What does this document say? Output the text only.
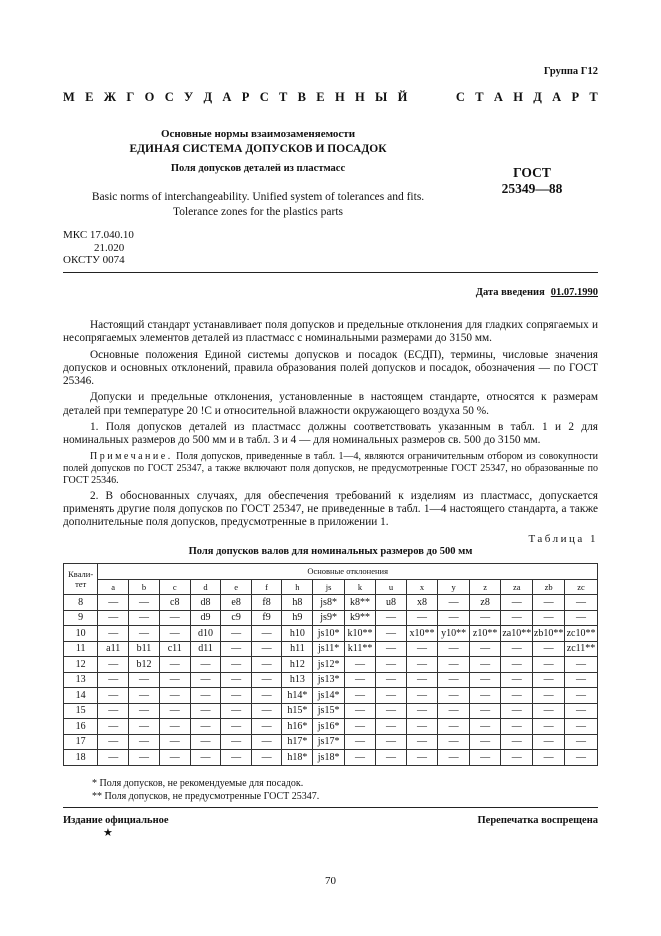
Группа Г12
М Е Ж Г О С У Д А Р С Т В Е Н Н Ы Й	С Т А Н Д А Р Т
Основные нормы взаимозаменяемости
ЕДИНАЯ СИСТЕМА ДОПУСКОВ И ПОСАДОК
Поля допусков деталей из пластмасс
Basic norms of interchangeability. Unified system of tolerances and fits.
Tolerance zones for the plastics parts
ГОСТ
25349—88
МКС 17.040.10
21.020
ОКСТУ 0074
Дата введения 01.07.1990

Настоящий стандарт устанавливает поля допусков и предельные отклонения для гладких сопрягаемых и несопрягаемых элементов деталей из пластмасс с номинальными размерами до 3150 мм.

Основные положения Единой системы допусков и посадок (ЕСДП), термины, числовые значения допусков и основных отклонений, правила образования полей допусков и посадок, обозначения — по ГОСТ 25346.

Допуски и предельные отклонения, установленные в настоящем стандарте, относятся к размерам деталей при температуре 20 !С и относительной влажности окружающего воздуха 50 %.

1. Поля допусков деталей из пластмасс должны соответствовать указанным в табл. 1 и 2 для номинальных размеров до 500 мм и в табл. 3 и 4 — для номинальных размеров св. 500 до 3150 мм.

Примечание. Поля допусков, приведенные в табл. 1—4, являются ограничительным отбором из совокупности полей допусков по ГОСТ 25347, а также включают поля допусков, не предусмотренные ГОСТ 25347, но образованные по ГОСТ 25346.

2. В обоснованных случаях, для обеспечения требований к изделиям из пластмасс, допускается применять другие поля допусков по ГОСТ 25347, не приведенные в табл. 1—4 настоящего стандарта, а также дополнительные поля допусков, предусмотренные в приложении 1.

Таблица 1
Поля допусков валов для номинальных размеров до 500 мм
Квали-тет	Основные отклонения															
	a	b	c	d	e	f	h	js	k	u	x	y	z	za	zb	zc
8	—	—	c8	d8	e8	f8	h8	js8*	k8**	u8	x8	—	z8	—	—	—
9	—	—	—	d9	c9	f9	h9	js9*	k9**	—	—	—	—	—	—	—
10	—	—	—	d10	—	—	h10	js10*	k10**	—	x10**	y10**	z10**	za10**	zb10**	zc10**
11	a11	b11	c11	d11	—	—	h11	js11*	k11**	—	—	—	—	—	—	zc11**
12	—	b12	—	—	—	—	h12	js12*	—	—	—	—	—	—	—	—
13	—	—	—	—	—	—	h13	js13*	—	—	—	—	—	—	—	—
14	—	—	—	—	—	—	h14*	js14*	—	—	—	—	—	—	—	—
15	—	—	—	—	—	—	h15*	js15*	—	—	—	—	—	—	—	—
16	—	—	—	—	—	—	h16*	js16*	—	—	—	—	—	—	—	—
17	—	—	—	—	—	—	h17*	js17*	—	—	—	—	—	—	—	—
18	—	—	—	—	—	—	h18*	js18*	—	—	—	—	—	—	—	—
* Поля допусков, не рекомендуемые для посадок.
** Поля допусков, не предусмотренные ГОСТ 25347.
Издание официальное
★
Перепечатка воспрещена
70
